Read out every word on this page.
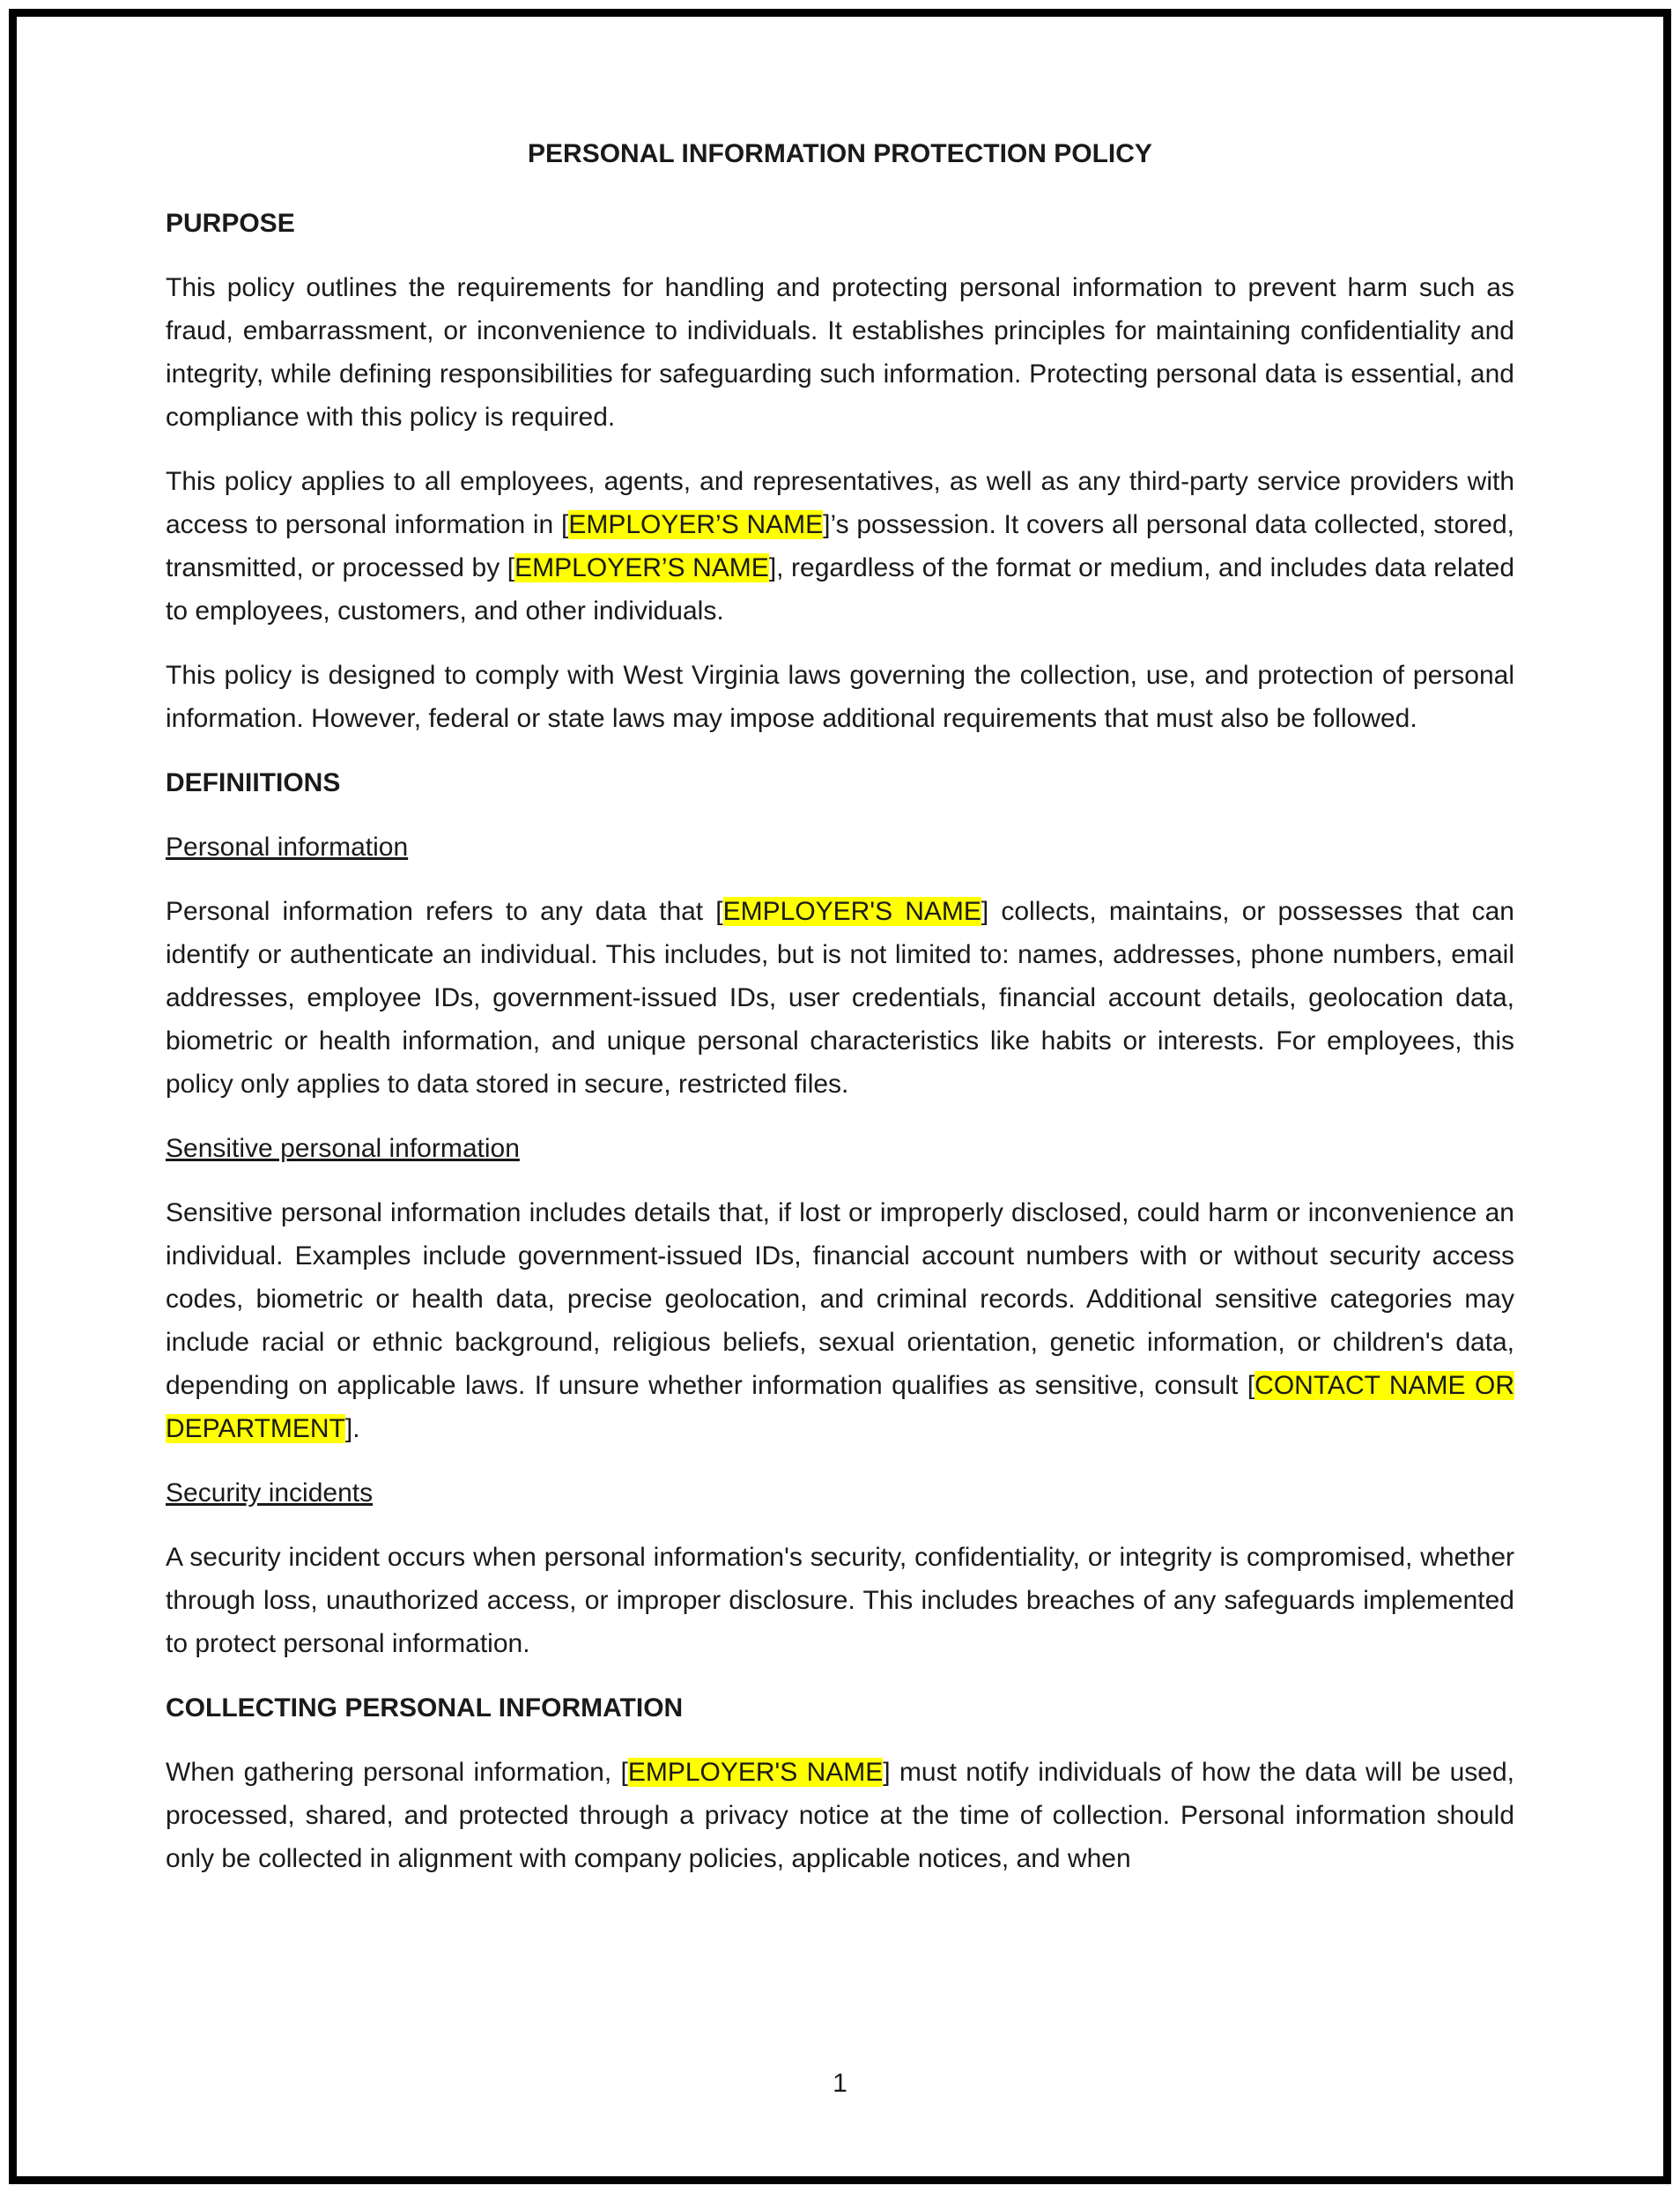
PERSONAL INFORMATION PROTECTION POLICY

PURPOSE

This policy outlines the requirements for handling and protecting personal information to prevent harm such as fraud, embarrassment, or inconvenience to individuals. It establishes principles for maintaining confidentiality and integrity, while defining responsibilities for safeguarding such information. Protecting personal data is essential, and compliance with this policy is required.

This policy applies to all employees, agents, and representatives, as well as any third-party service providers with access to personal information in [EMPLOYER’S NAME]’s possession. It covers all personal data collected, stored, transmitted, or processed by [EMPLOYER’S NAME], regardless of the format or medium, and includes data related to employees, customers, and other individuals.

This policy is designed to comply with West Virginia laws governing the collection, use, and protection of personal information. However, federal or state laws may impose additional requirements that must also be followed.

DEFINIITIONS

Personal information

Personal information refers to any data that [EMPLOYER'S NAME] collects, maintains, or possesses that can identify or authenticate an individual. This includes, but is not limited to: names, addresses, phone numbers, email addresses, employee IDs, government-issued IDs, user credentials, financial account details, geolocation data, biometric or health information, and unique personal characteristics like habits or interests. For employees, this policy only applies to data stored in secure, restricted files.

Sensitive personal information

Sensitive personal information includes details that, if lost or improperly disclosed, could harm or inconvenience an individual. Examples include government-issued IDs, financial account numbers with or without security access codes, biometric or health data, precise geolocation, and criminal records. Additional sensitive categories may include racial or ethnic background, religious beliefs, sexual orientation, genetic information, or children's data, depending on applicable laws. If unsure whether information qualifies as sensitive, consult [CONTACT NAME OR DEPARTMENT].

Security incidents

A security incident occurs when personal information's security, confidentiality, or integrity is compromised, whether through loss, unauthorized access, or improper disclosure. This includes breaches of any safeguards implemented to protect personal information.

COLLECTING PERSONAL INFORMATION

When gathering personal information, [EMPLOYER'S NAME] must notify individuals of how the data will be used, processed, shared, and protected through a privacy notice at the time of collection. Personal information should only be collected in alignment with company policies, applicable notices, and when

1
